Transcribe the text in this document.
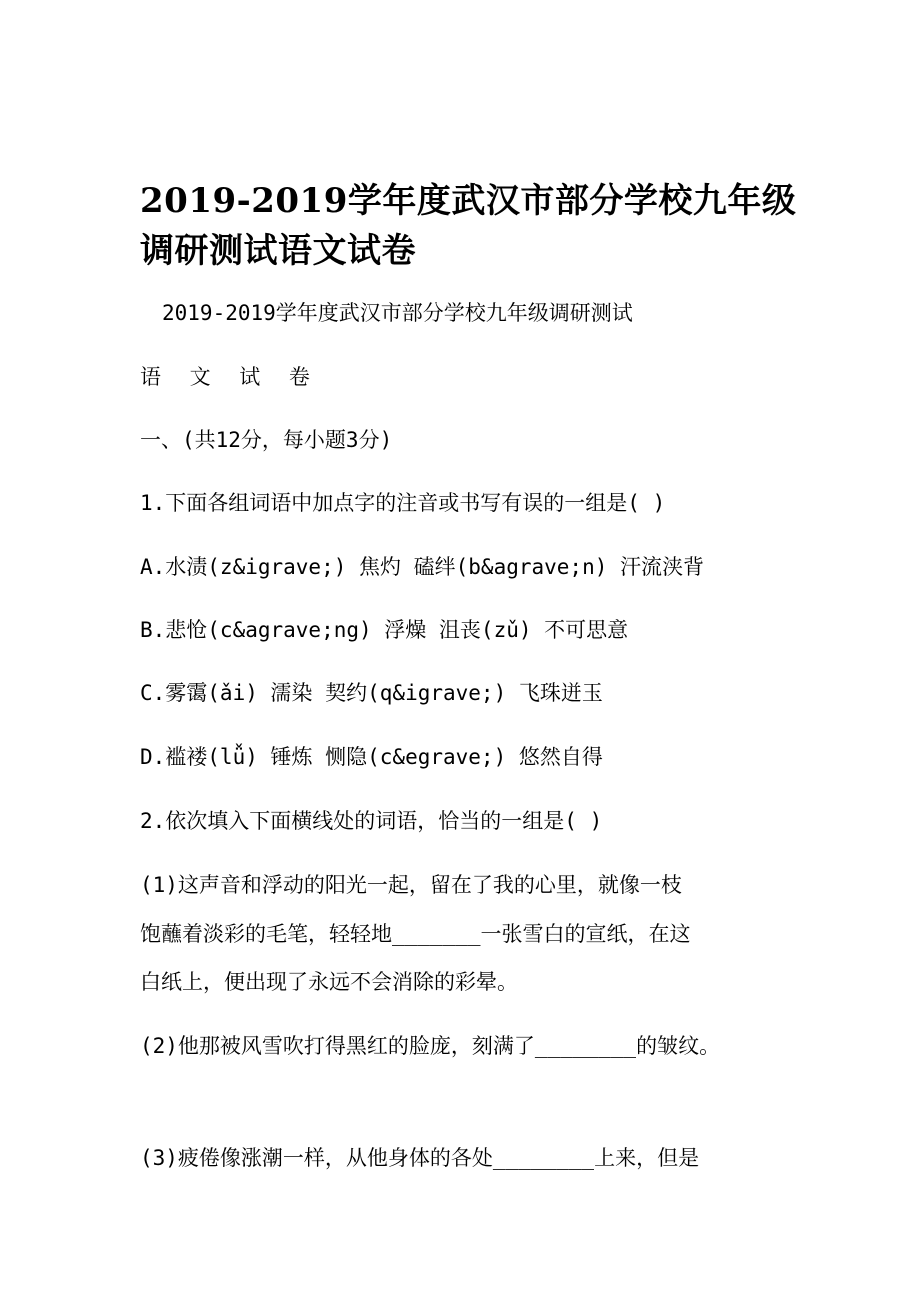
2019-2019学年度武汉市部分学校九年级调研测试语文试卷
2019-2019学年度武汉市部分学校九年级调研测试
语 文 试 卷
一、(共12分，每小题3分)
1.下面各组词语中加点字的注音或书写有误的一组是( )
A.水渍(z&igrave;) 焦灼 磕绊(b&agrave;n) 汗流浃背
B.悲怆(c&agrave;ng) 浮燥 沮丧(zǔ) 不可思意
C.雾霭(ǎi) 濡染 契约(q&igrave;) 飞珠迸玉
D.褴褛(lǚ) 锤炼 恻隐(c&egrave;) 悠然自得
2.依次填入下面横线处的词语，恰当的一组是( )
(1)这声音和浮动的阳光一起，留在了我的心里，就像一枝
饱蘸着淡彩的毛笔，轻轻地_______一张雪白的宣纸，在这
白纸上，便出现了永远不会消除的彩晕。
(2)他那被风雪吹打得黑红的脸庞，刻满了________的皱纹。
(3)疲倦像涨潮一样，从他身体的各处________上来，但是
